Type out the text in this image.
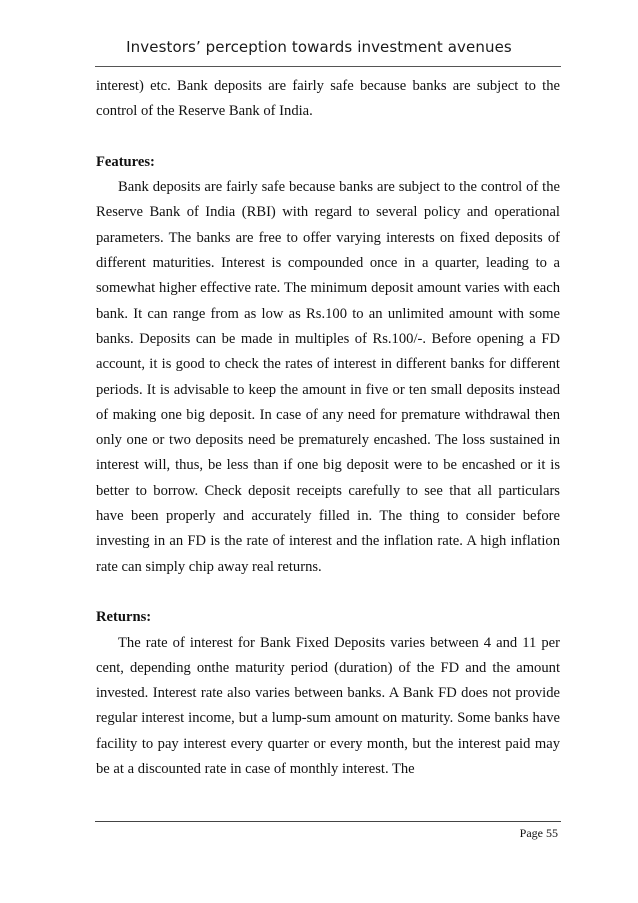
Investors’ perception towards investment avenues

interest) etc. Bank deposits are fairly safe because banks are subject to the control of the Reserve Bank of India.

Features:

Bank deposits are fairly safe because banks are subject to the control of the Reserve Bank of India (RBI) with regard to several policy and operational parameters. The banks are free to offer varying interests on fixed deposits of different maturities. Interest is compounded once in a quarter, leading to a somewhat higher effective rate. The minimum deposit amount varies with each bank. It can range from as low as Rs.100 to an unlimited amount with some banks. Deposits can be made in multiples of Rs.100/-. Before opening a FD account, it is good to check the rates of interest in different banks for different periods. It is advisable to keep the amount in five or ten small deposits instead of making one big deposit. In case of any need for premature withdrawal then only one or two deposits need be prematurely encashed. The loss sustained in interest will, thus, be less than if one big deposit were to be encashed or it is better to borrow. Check deposit receipts carefully to see that all particulars have been properly and accurately filled in. The thing to consider before investing in an FD is the rate of interest and the inflation rate. A high inflation rate can simply chip away real returns.

Returns:

The rate of interest for Bank Fixed Deposits varies between 4 and 11 per cent, depending onthe maturity period (duration) of the FD and the amount invested. Interest rate also varies between banks. A Bank FD does not provide regular interest income, but a lump-sum amount on maturity. Some banks have facility to pay interest every quarter or every month, but the interest paid may be at a discounted rate in case of monthly interest. The

Page 55
